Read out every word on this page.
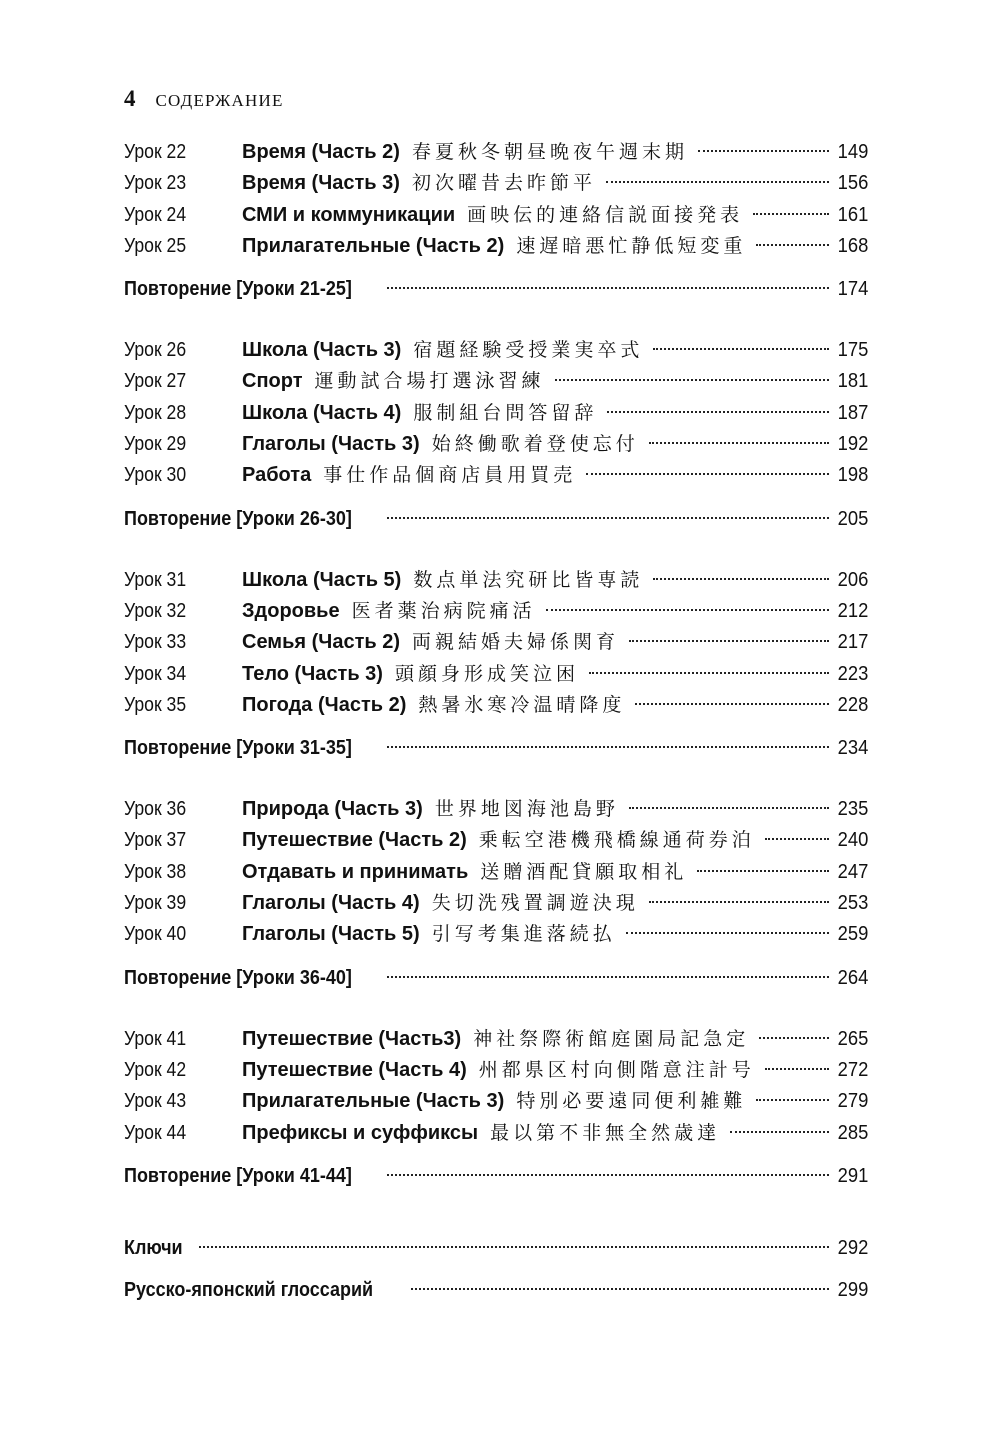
4 СОДЕРЖАНИЕ
Урок 22	Время (Часть 2) 春夏秋冬朝昼晩夜午週末期	149
Урок 23	Время (Часть 3) 初次曜昔去昨節平	156
Урок 24	СМИ и коммуникации 画映伝的連絡信説面接発表	161
Урок 25	Прилагательные (Часть 2) 速遅暗悪忙静低短変重	168
Повторение [Уроки 21-25]	174
Урок 26	Школа (Часть 3) 宿題経験受授業実卒式	175
Урок 27	Спорт 運動試合場打選泳習練	181
Урок 28	Школа (Часть 4) 服制組台問答留辞	187
Урок 29	Глаголы (Часть 3) 始終働歌着登使忘付	192
Урок 30	Работа 事仕作品個商店員用買売	198
Повторение [Уроки 26-30]	205
Урок 31	Школа (Часть 5) 数点単法究研比皆専読	206
Урок 32	Здоровье 医者薬治病院痛活	212
Урок 33	Семья (Часть 2) 両親結婚夫婦係関育	217
Урок 34	Тело (Часть 3) 頭顔身形成笑泣困	223
Урок 35	Погода (Часть 2) 熱暑氷寒冷温晴降度	228
Повторение [Уроки 31-35]	234
Урок 36	Природа (Часть 3) 世界地図海池島野	235
Урок 37	Путешествие (Часть 2) 乗転空港機飛橋線通荷券泊	240
Урок 38	Отдавать и принимать 送贈酒配貸願取相礼	247
Урок 39	Глаголы (Часть 4) 失切洗残置調遊決現	253
Урок 40	Глаголы (Часть 5) 引写考集進落続払	259
Повторение [Уроки 36-40]	264
Урок 41	Путешествие (Часть3) 神社祭際術館庭園局記急定	265
Урок 42	Путешествие (Часть 4) 州都県区村向側階意注計号	272
Урок 43	Прилагательные (Часть 3) 特別必要遠同便利雑難	279
Урок 44	Префиксы и суффиксы 最以第不非無全然歳達	285
Повторение [Уроки 41-44]	291
Ключи	292
Русско-японский глоссарий	299
